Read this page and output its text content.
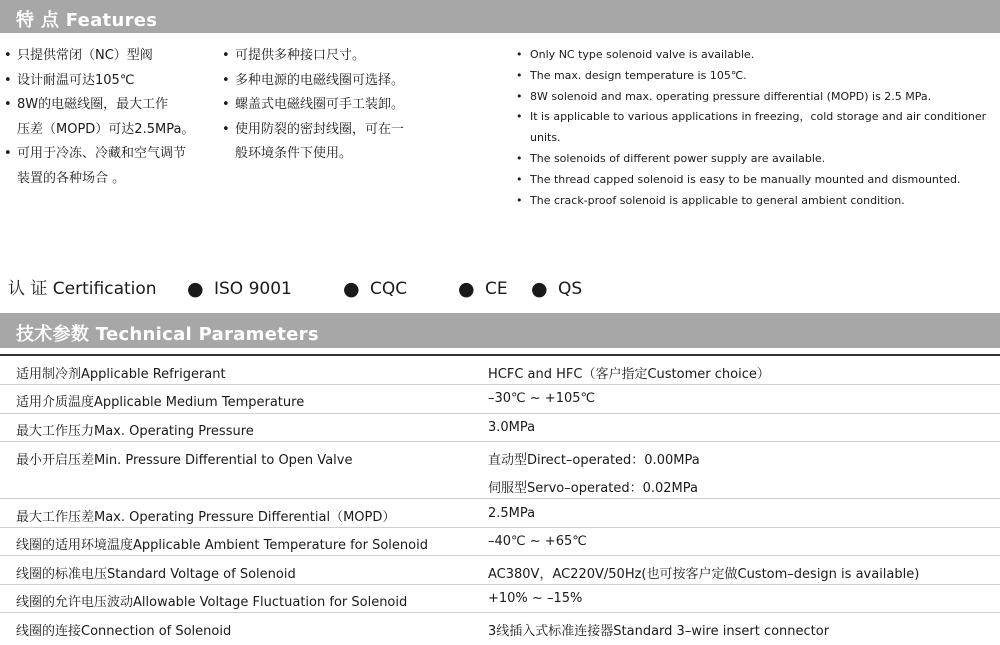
特 点 Features
• 只提供常闭（NC）型阀
• 设计耐温可达105℃
• 8W的电磁线圈，最大工作
压差（MOPD）可达2.5MPa。
• 可用于冷冻、冷藏和空气调节
装置的各种场合 。
• 可提供多种接口尺寸。
• 多种电源的电磁线圈可选择。
• 螺盖式电磁线圈可手工装卸。
• 使用防裂的密封线圈，可在一
般环境条件下使用。
• Only NC type solenoid valve is available.
• The max. design temperature is 105℃.
• 8W solenoid and max. operating pressure differential (MOPD) is 2.5 MPa.
• It is applicable to various applications in freezing，cold storage and air conditioner units.
• The solenoids of different power supply are available.
• The thread capped solenoid is easy to be manually mounted and dismounted.
• The crack-proof solenoid is applicable to general ambient condition.
认 证 Certification ● ISO 9001	● CQC	● CE ● QS
技术参数 Technical Parameters
适用制冷剂Applicable Refrigerant	HCFC and HFC（客户指定Customer choice）
适用介质温度Applicable Medium Temperature	–30℃ ~ +105℃
最大工作压力Max. Operating Pressure	3.0MPa
最小开启压差Min. Pressure Differential to Open Valve	直动型Direct–operated：0.00MPa
伺服型Servo–operated：0.02MPa
最大工作压差Max. Operating Pressure Differential（MOPD）	2.5MPa
线圈的适用环境温度Applicable Ambient Temperature for Solenoid	–40℃ ~ +65℃
线圈的标准电压Standard Voltage of Solenoid	AC380V，AC220V/50Hz(也可按客户定做Custom–design is available)
线圈的允许电压波动Allowable Voltage Fluctuation for Solenoid	+10% ~ –15%
线圈的连接Connection of Solenoid	3线插入式标准连接器Standard 3–wire insert connector
